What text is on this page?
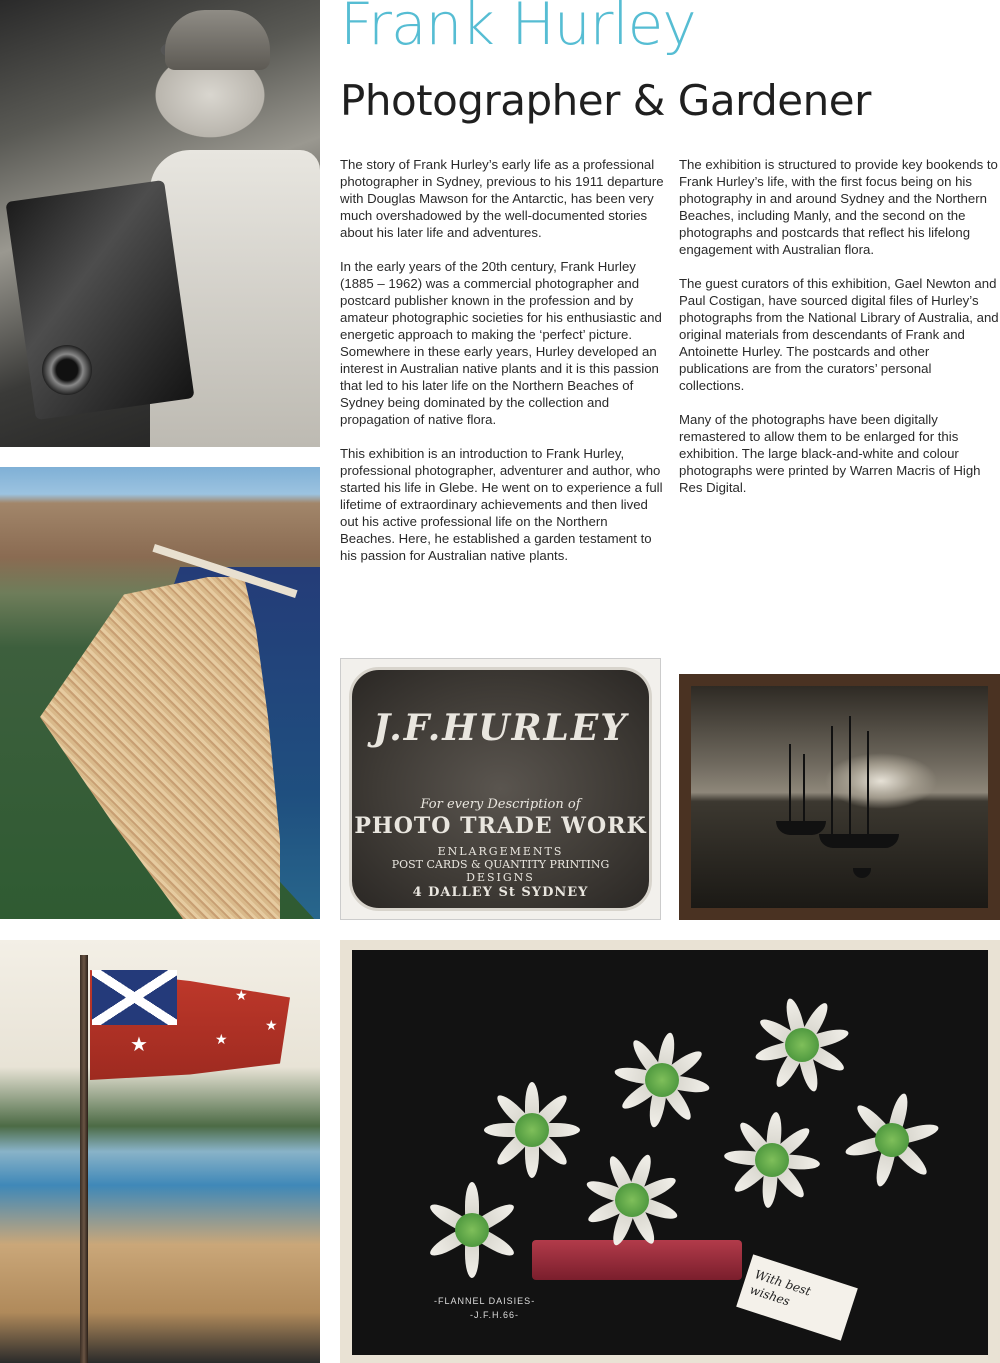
★
★
★
★
J.F.HURLEY
For every Description of
PHOTO TRADE WORK
ENLARGEMENTS
POST CARDS & QUANTITY PRINTING
DESIGNS
4 DALLEY St SYDNEY
-FLANNEL DAISIES-
-J.F.H.66-
With best wishes
Frank Hurley
Photographer & Gardener

The story of Frank Hurley’s early life as a professional photographer in Sydney, previous to his 1911 departure with Douglas Mawson for the Antarctic, has been very much overshadowed by the well-documented stories about his later life and adventures.

In the early years of the 20th century, Frank Hurley (1885 – 1962) was a commercial photographer and postcard publisher known in the profession and by amateur photographic societies for his enthusiastic and energetic approach to making the ‘perfect’ picture. Somewhere in these early years, Hurley developed an interest in Australian native plants and it is this passion that led to his later life on the Northern Beaches of Sydney being dominated by the collection and propagation of native flora.

This exhibition is an introduction to Frank Hurley, professional photographer, adventurer and author, who started his life in Glebe. He went on to experience a full lifetime of extraordinary achievements and then lived out his active professional life on the Northern Beaches. Here, he established a garden testament to his passion for Australian native plants.

The exhibition is structured to provide key bookends to Frank Hurley’s life, with the first focus being on his photography in and around Sydney and the Northern Beaches, including Manly, and the second on the photographs and postcards that reflect his lifelong engagement with Australian flora.

The guest curators of this exhibition, Gael Newton and Paul Costigan, have sourced digital files of Hurley’s photographs from the National Library of Australia, and original materials from descendants of Frank and Antoinette Hurley. The postcards and other publications are from the curators’ personal collections.

Many of the photographs have been digitally remastered to allow them to be enlarged for this exhibition. The large black-and-white and colour photographs were printed by Warren Macris of High Res Digital.
